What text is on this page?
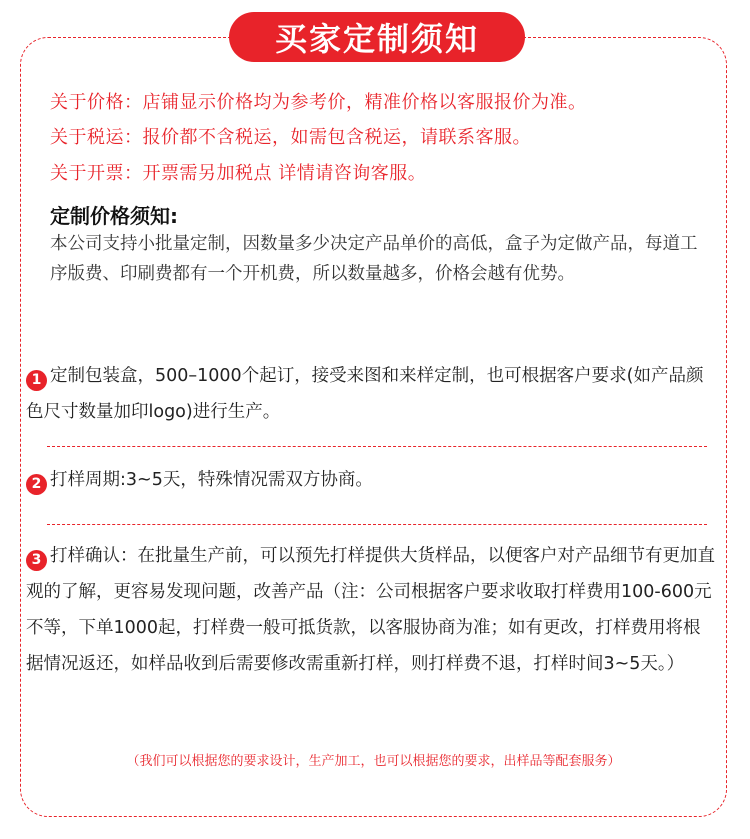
买家定制须知
关于价格：店铺显示价格均为参考价，精准价格以客服报价为准。
关于税运：报价都不含税运，如需包含税运，请联系客服。
关于开票：开票需另加税点 详情请咨询客服。
定制价格须知:
本公司支持小批量定制，因数量多少决定产品单价的高低，盒子为定做产品，每道工序版费、印刷费都有一个开机费，所以数量越多，价格会越有优势。
1 定制包装盒，500–1000个起订，接受来图和来样定制，也可根据客户要求(如产品颜色尺寸数量加印logo)进行生产。
2 打样周期:3~5天，特殊情况需双方协商。
3 打样确认：在批量生产前，可以预先打样提供大货样品，以便客户对产品细节有更加直观的了解，更容易发现问题，改善产品（注：公司根据客户要求收取打样费用100-600元不等，下单1000起，打样费一般可抵货款，以客服协商为准；如有更改，打样费用将根据情况返还，如样品收到后需要修改需重新打样，则打样费不退，打样时间3~5天。）
（我们可以根据您的要求设计，生产加工，也可以根据您的要求，出样品等配套服务）
